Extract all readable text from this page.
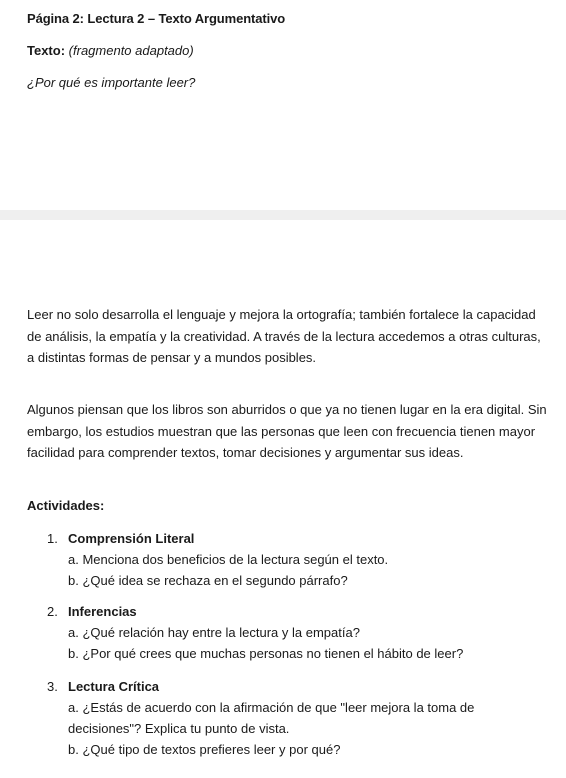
Página 2: Lectura 2 – Texto Argumentativo
Texto: (fragmento adaptado)
¿Por qué es importante leer?

Leer no solo desarrolla el lenguaje y mejora la ortografía; también fortalece la capacidad de análisis, la empatía y la creatividad. A través de la lectura accedemos a otras culturas, a distintas formas de pensar y a mundos posibles.

Algunos piensan que los libros son aburridos o que ya no tienen lugar en la era digital. Sin embargo, los estudios muestran que las personas que leen con frecuencia tienen mayor facilidad para comprender textos, tomar decisiones y argumentar sus ideas.

Actividades:
1. Comprensión Literal
a. Menciona dos beneficios de la lectura según el texto.
b. ¿Qué idea se rechaza en el segundo párrafo?
2. Inferencias
a. ¿Qué relación hay entre la lectura y la empatía?
b. ¿Por qué crees que muchas personas no tienen el hábito de leer?
3. Lectura Crítica
a. ¿Estás de acuerdo con la afirmación de que "leer mejora la toma de decisiones"? Explica tu punto de vista.
b. ¿Qué tipo de textos prefieres leer y por qué?
